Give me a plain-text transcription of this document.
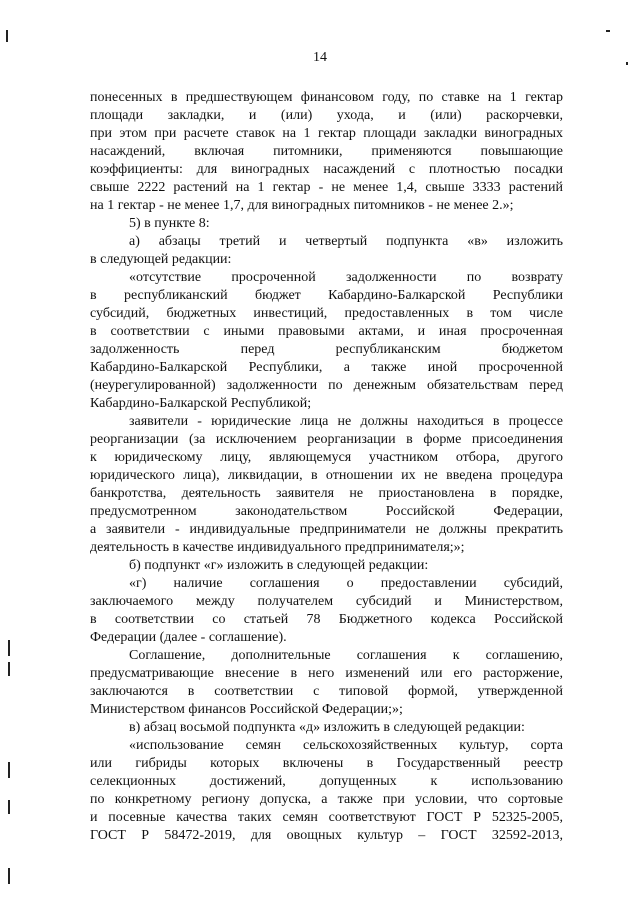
14
понесенных в предшествующем финансовом году, по ставке на 1 гектар
площади закладки, и (или) ухода, и (или) раскорчевки,
при этом при расчете ставок на 1 гектар площади закладки виноградных
насаждений, включая питомники, применяются повышающие
коэффициенты: для виноградных насаждений с плотностью посадки
свыше 2222 растений на 1 гектар - не менее 1,4, свыше 3333 растений
на 1 гектар - не менее 1,7, для виноградных питомников - не менее 2.»;
5) в пункте 8:
а) абзацы третий и четвертый подпункта «в» изложить
в следующей редакции:
«отсутствие просроченной задолженности по возврату
в республиканский бюджет Кабардино-Балкарской Республики
субсидий, бюджетных инвестиций, предоставленных в том числе
в соответствии с иными правовыми актами, и иная просроченная
задолженность перед республиканским бюджетом
Кабардино-Балкарской Республики, а также иной просроченной
(неурегулированной) задолженности по денежным обязательствам перед
Кабардино-Балкарской Республикой;
заявители - юридические лица не должны находиться в процессе
реорганизации (за исключением реорганизации в форме присоединения
к юридическому лицу, являющемуся участником отбора, другого
юридического лица), ликвидации, в отношении их не введена процедура
банкротства, деятельность заявителя не приостановлена в порядке,
предусмотренном законодательством Российской Федерации,
а заявители - индивидуальные предприниматели не должны прекратить
деятельность в качестве индивидуального предпринимателя;»;
б) подпункт «г» изложить в следующей редакции:
«г) наличие соглашения о предоставлении субсидий,
заключаемого между получателем субсидий и Министерством,
в соответствии со статьей 78 Бюджетного кодекса Российской
Федерации (далее - соглашение).
Соглашение, дополнительные соглашения к соглашению,
предусматривающие внесение в него изменений или его расторжение,
заключаются в соответствии с типовой формой, утвержденной
Министерством финансов Российской Федерации;»;
в) абзац восьмой подпункта «д» изложить в следующей редакции:
«использование семян сельскохозяйственных культур, сорта
или гибриды которых включены в Государственный реестр
селекционных достижений, допущенных к использованию
по конкретному региону допуска, а также при условии, что сортовые
и посевные качества таких семян соответствуют ГОСТ Р 52325-2005,
ГОСТ Р 58472-2019, для овощных культур – ГОСТ 32592-2013,
